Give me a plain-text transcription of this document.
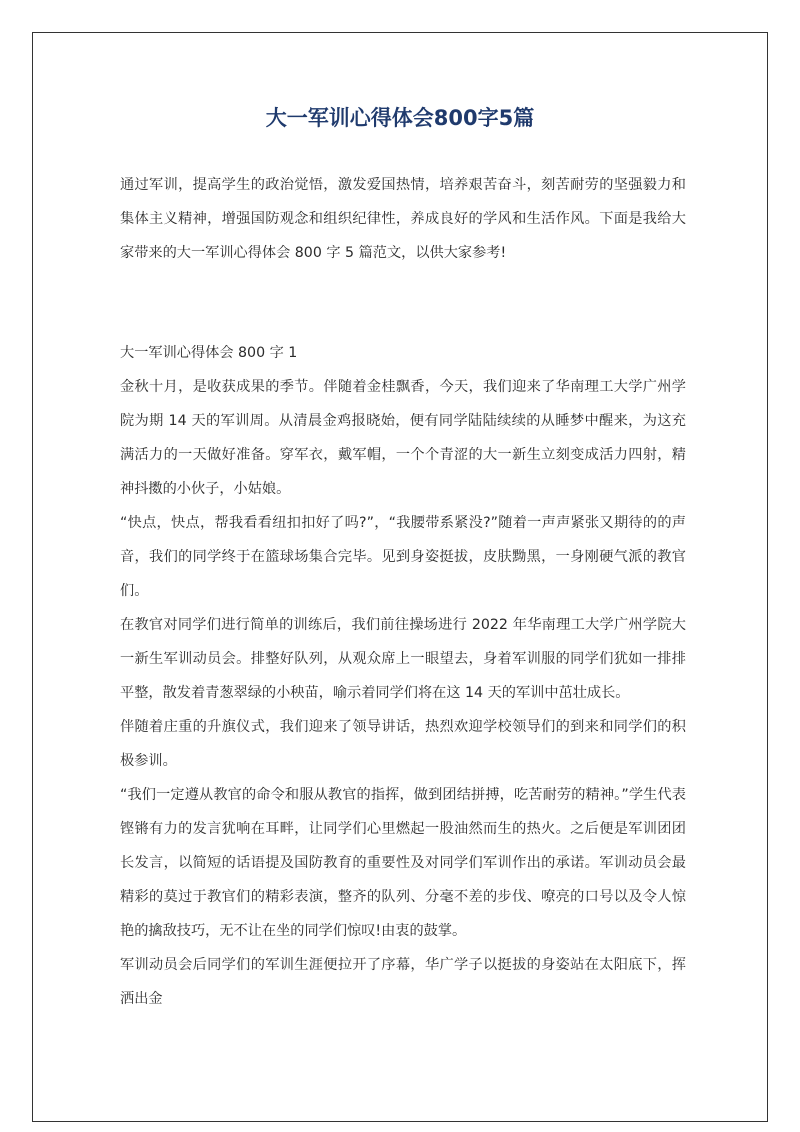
大一军训心得体会800字5篇

通过军训，提高学生的政治觉悟，激发爱国热情，培养艰苦奋斗，刻苦耐劳的坚强毅力和集体主义精神，增强国防观念和组织纪律性，养成良好的学风和生活作风。下面是我给大家带来的大一军训心得体会 800 字 5 篇范文，以供大家参考!

大一军训心得体会 800 字 1

金秋十月，是收获成果的季节。伴随着金桂飘香，今天，我们迎来了华南理工大学广州学院为期 14 天的军训周。从清晨金鸡报晓始，便有同学陆陆续续的从睡梦中醒来，为这充满活力的一天做好准备。穿军衣，戴军帽，一个个青涩的大一新生立刻变成活力四射，精神抖擞的小伙子，小姑娘。

“快点，快点，帮我看看纽扣扣好了吗?”，“我腰带系紧没?”随着一声声紧张又期待的的声音，我们的同学终于在篮球场集合完毕。见到身姿挺拔，皮肤黝黑，一身刚硬气派的教官们。

在教官对同学们进行简单的训练后，我们前往操场进行 2022 年华南理工大学广州学院大一新生军训动员会。排整好队列，从观众席上一眼望去，身着军训服的同学们犹如一排排平整，散发着青葱翠绿的小秧苗，喻示着同学们将在这 14 天的军训中茁壮成长。

伴随着庄重的升旗仪式，我们迎来了领导讲话，热烈欢迎学校领导们的到来和同学们的积极参训。

“我们一定遵从教官的命令和服从教官的指挥，做到团结拼搏，吃苦耐劳的精神。”学生代表铿锵有力的发言犹响在耳畔，让同学们心里燃起一股油然而生的热火。之后便是军训团团长发言，以简短的话语提及国防教育的重要性及对同学们军训作出的承诺。军训动员会最精彩的莫过于教官们的精彩表演，整齐的队列、分毫不差的步伐、嘹亮的口号以及令人惊艳的擒敌技巧，无不让在坐的同学们惊叹!由衷的鼓掌。

军训动员会后同学们的军训生涯便拉开了序幕，华广学子以挺拔的身姿站在太阳底下，挥洒出金
